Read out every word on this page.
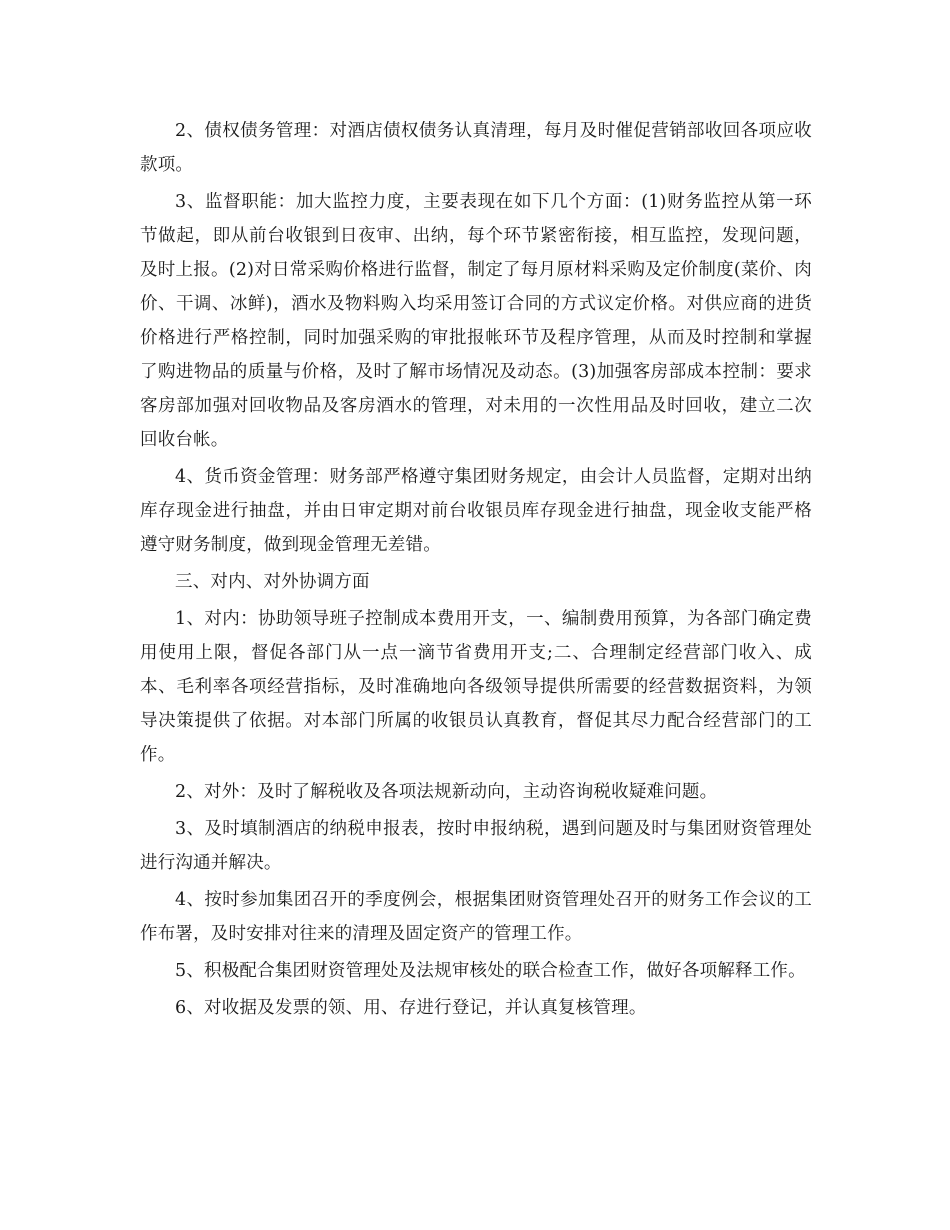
2、债权债务管理：对酒店债权债务认真清理，每月及时催促营销部收回各项应收款项。

3、监督职能：加大监控力度，主要表现在如下几个方面：(1)财务监控从第一环节做起，即从前台收银到日夜审、出纳，每个环节紧密衔接，相互监控，发现问题，及时上报。(2)对日常采购价格进行监督，制定了每月原材料采购及定价制度(菜价、肉价、干调、冰鲜)，酒水及物料购入均采用签订合同的方式议定价格。对供应商的进货价格进行严格控制，同时加强采购的审批报帐环节及程序管理，从而及时控制和掌握了购进物品的质量与价格，及时了解市场情况及动态。(3)加强客房部成本控制：要求客房部加强对回收物品及客房酒水的管理，对未用的一次性用品及时回收，建立二次回收台帐。

4、货币资金管理：财务部严格遵守集团财务规定，由会计人员监督，定期对出纳库存现金进行抽盘，并由日审定期对前台收银员库存现金进行抽盘，现金收支能严格遵守财务制度，做到现金管理无差错。

三、对内、对外协调方面

1、对内：协助领导班子控制成本费用开支，一、编制费用预算，为各部门确定费用使用上限，督促各部门从一点一滴节省费用开支;二、合理制定经营部门收入、成本、毛利率各项经营指标，及时准确地向各级领导提供所需要的经营数据资料，为领导决策提供了依据。对本部门所属的收银员认真教育，督促其尽力配合经营部门的工作。

2、对外：及时了解税收及各项法规新动向，主动咨询税收疑难问题。

3、及时填制酒店的纳税申报表，按时申报纳税，遇到问题及时与集团财资管理处进行沟通并解决。

4、按时参加集团召开的季度例会，根据集团财资管理处召开的财务工作会议的工作布署，及时安排对往来的清理及固定资产的管理工作。

5、积极配合集团财资管理处及法规审核处的联合检查工作，做好各项解释工作。

6、对收据及发票的领、用、存进行登记，并认真复核管理。
